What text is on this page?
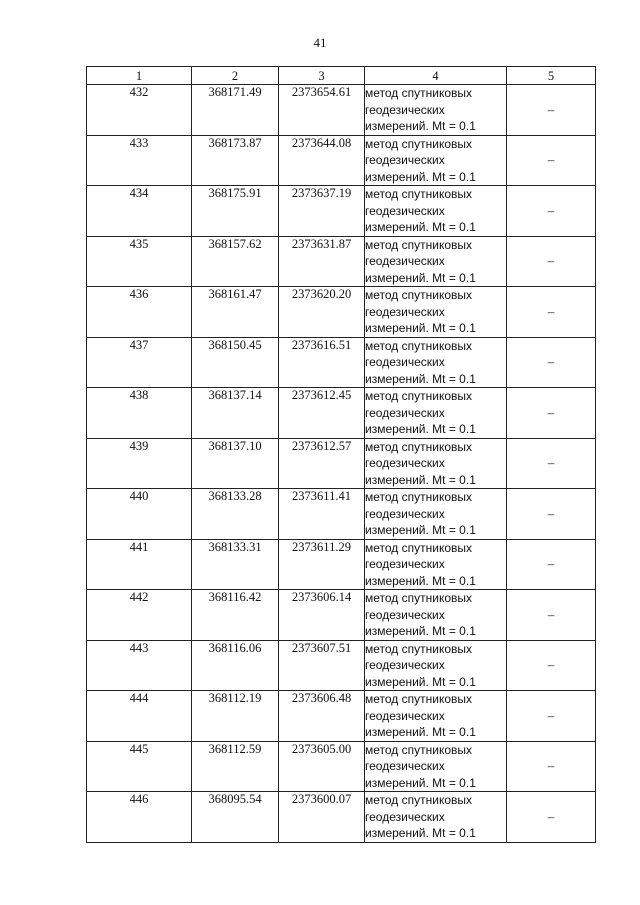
41
1	2	3	4	5
432	368171.49	2373654.61	метод спутниковых
геодезических
измерений. Mt = 0.1	–
433	368173.87	2373644.08	метод спутниковых
геодезических
измерений. Mt = 0.1	–
434	368175.91	2373637.19	метод спутниковых
геодезических
измерений. Mt = 0.1	–
435	368157.62	2373631.87	метод спутниковых
геодезических
измерений. Mt = 0.1	–
436	368161.47	2373620.20	метод спутниковых
геодезических
измерений. Mt = 0.1	–
437	368150.45	2373616.51	метод спутниковых
геодезических
измерений. Mt = 0.1	–
438	368137.14	2373612.45	метод спутниковых
геодезических
измерений. Mt = 0.1	–
439	368137.10	2373612.57	метод спутниковых
геодезических
измерений. Mt = 0.1	–
440	368133.28	2373611.41	метод спутниковых
геодезических
измерений. Mt = 0.1	–
441	368133.31	2373611.29	метод спутниковых
геодезических
измерений. Mt = 0.1	–
442	368116.42	2373606.14	метод спутниковых
геодезических
измерений. Mt = 0.1	–
443	368116.06	2373607.51	метод спутниковых
геодезических
измерений. Mt = 0.1	–
444	368112.19	2373606.48	метод спутниковых
геодезических
измерений. Mt = 0.1	–
445	368112.59	2373605.00	метод спутниковых
геодезических
измерений. Mt = 0.1	–
446	368095.54	2373600.07	метод спутниковых
геодезических
измерений. Mt = 0.1	–
